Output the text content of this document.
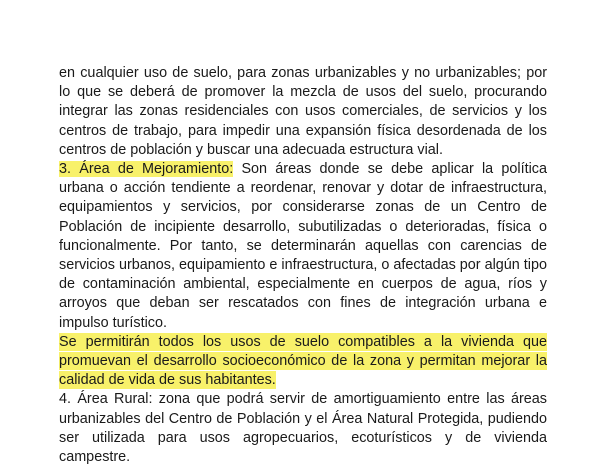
en cualquier uso de suelo, para zonas urbanizables y no urbanizables; por lo que se deberá de promover la mezcla de usos del suelo, procurando integrar las zonas residenciales con usos comerciales, de servicios y los centros de trabajo, para impedir una expansión física desordenada de los centros de población y buscar una adecuada estructura vial.

3. Área de Mejoramiento: Son áreas donde se debe aplicar la política urbana o acción tendiente a reordenar, renovar y dotar de infraestructura, equipamientos y servicios, por considerarse zonas de un Centro de Población de incipiente desarrollo, subutilizadas o deterioradas, física o funcionalmente. Por tanto, se determinarán aquellas con carencias de servicios urbanos, equipamiento e infraestructura, o afectadas por algún tipo de contaminación ambiental, especialmente en cuerpos de agua, ríos y arroyos que deban ser rescatados con fines de integración urbana e impulso turístico.

Se permitirán todos los usos de suelo compatibles a la vivienda que promuevan el desarrollo socioeconómico de la zona y permitan mejorar la calidad de vida de sus habitantes.

4. Área Rural: zona que podrá servir de amortiguamiento entre las áreas urbanizables del Centro de Población y el Área Natural Protegida, pudiendo ser utilizada para usos agropecuarios, ecoturísticos y de vivienda campestre.
